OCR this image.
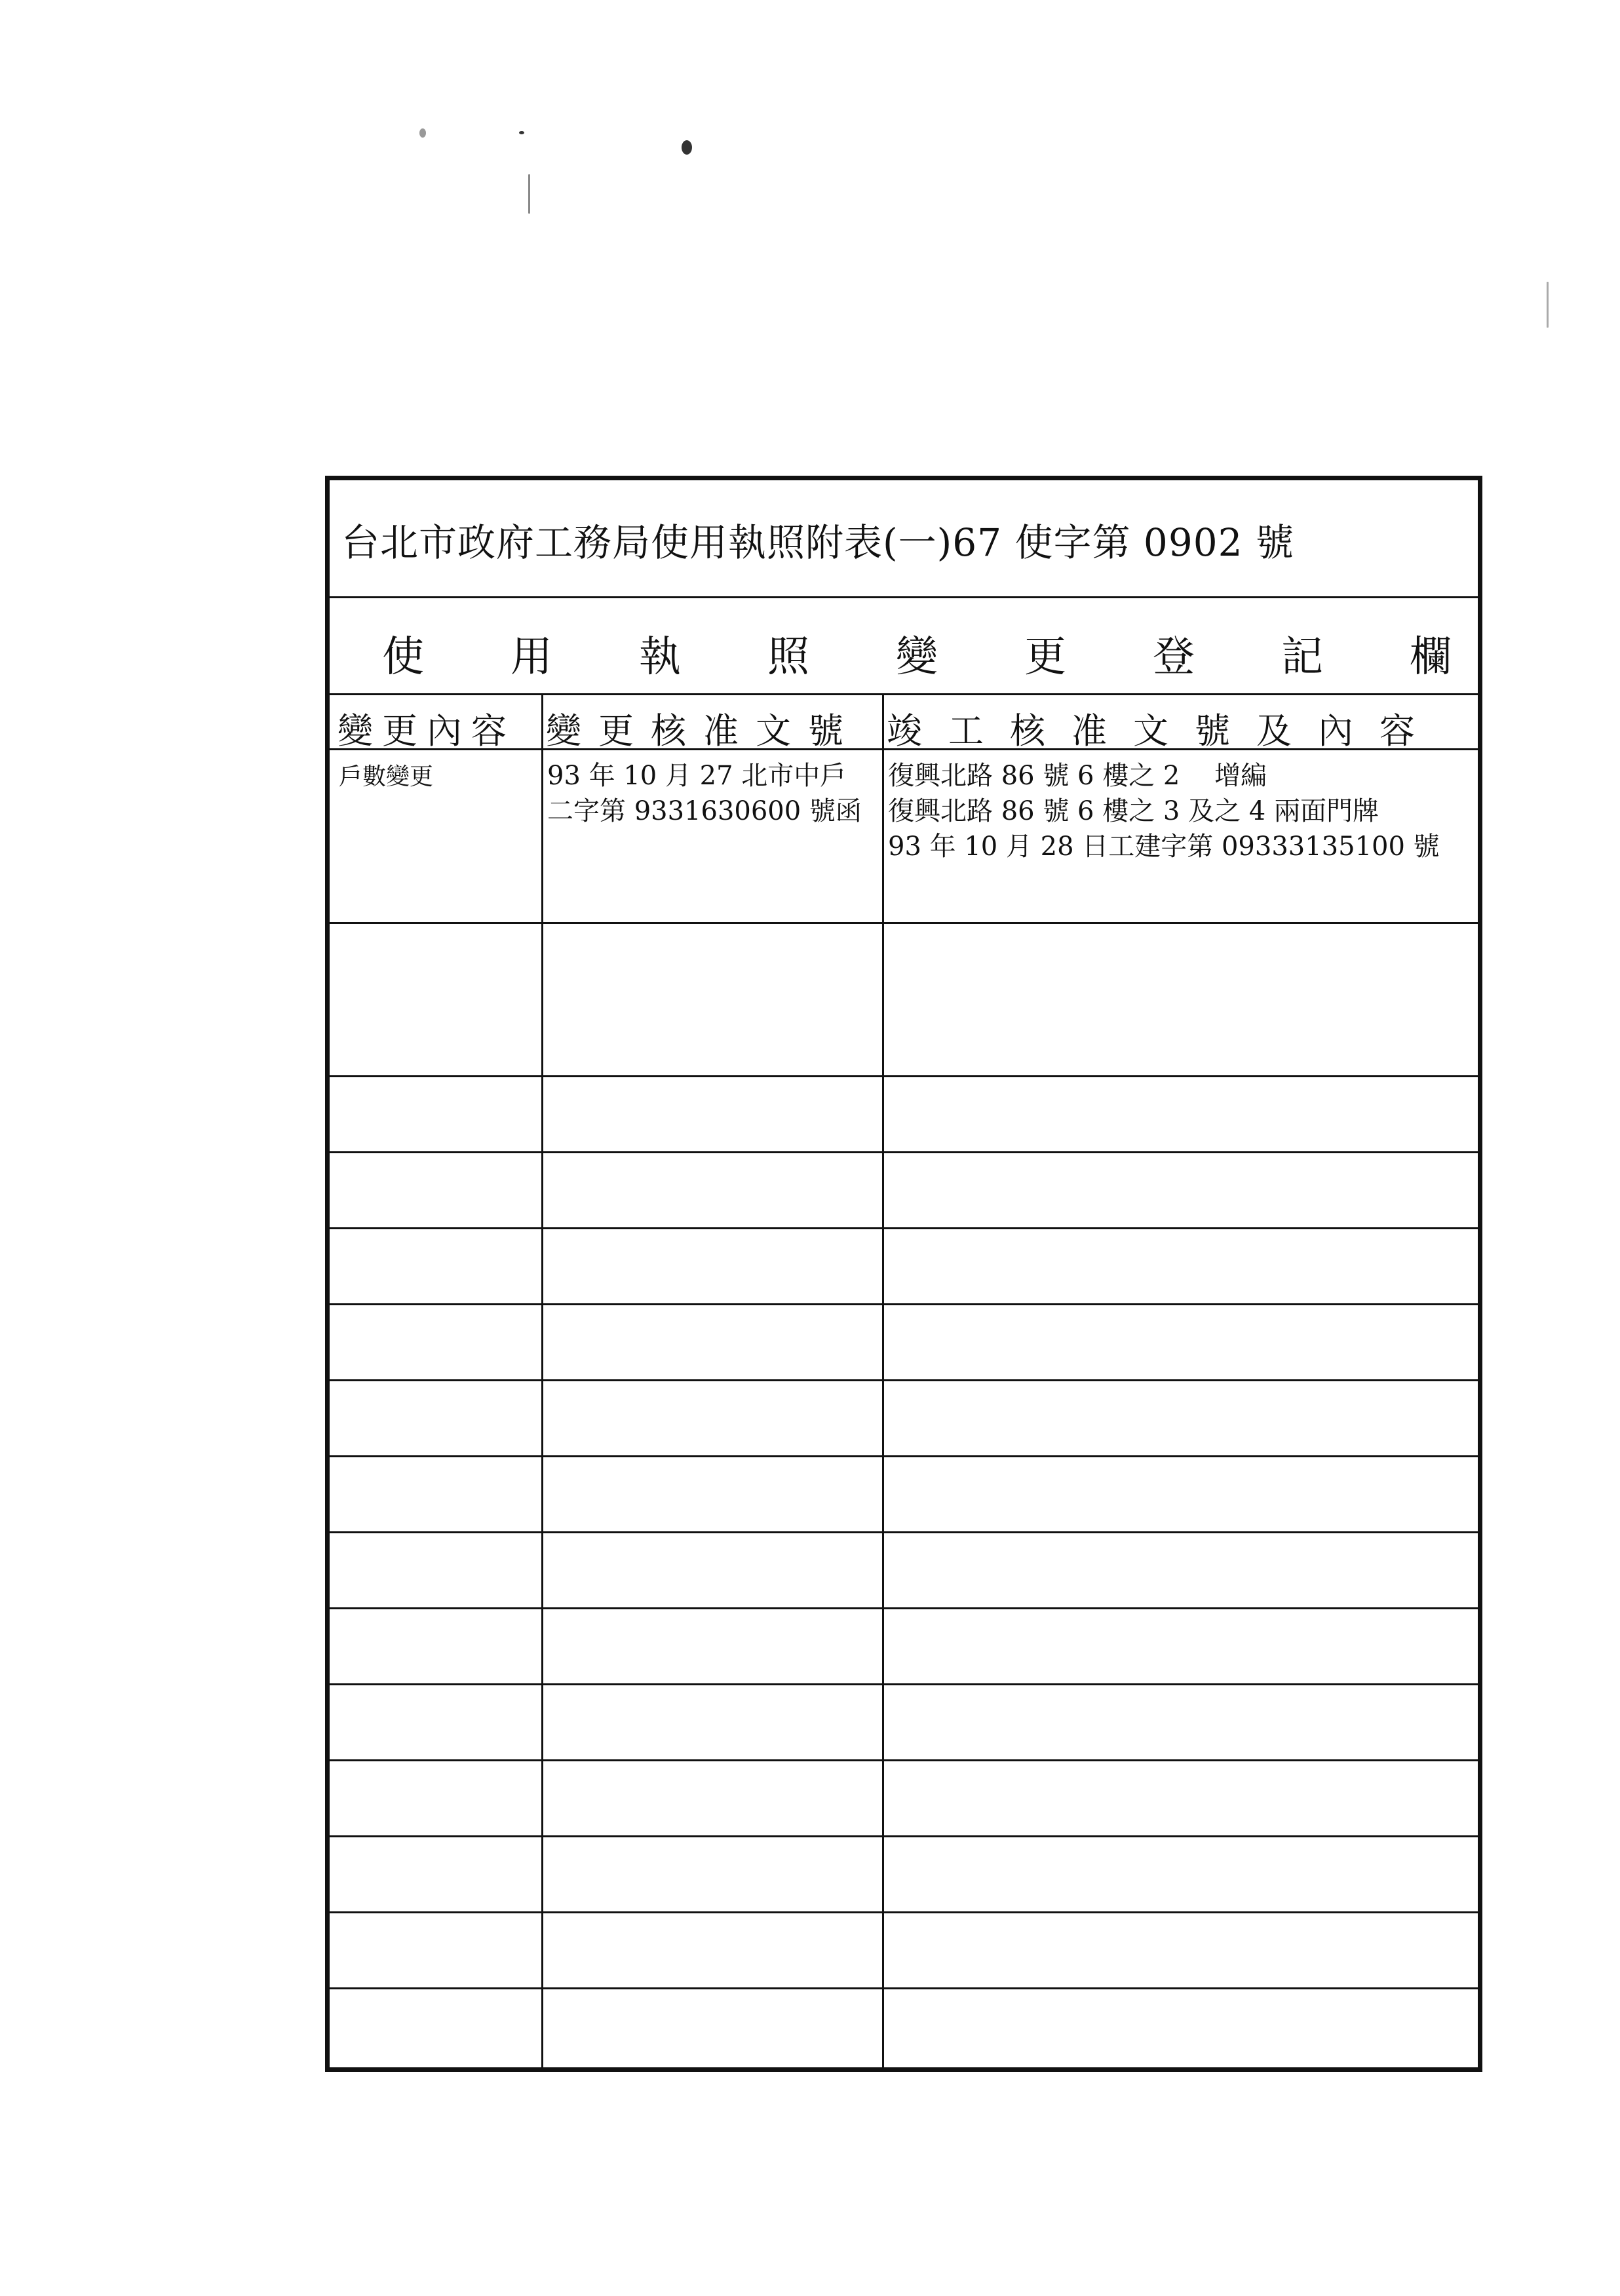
台北市政府工務局使用執照附表(一)67 使字第 0902 號
使 用 執 照 變 更 登 記 欄
變更內容 變更核准文號 竣工核准文號及內容
戶數變更	93 年 10 月 27 北市中戶
二字第 9331630600 號函
復興北路 86 號 6 樓之 2　 增編
復興北路 86 號 6 樓之 3 及之 4 兩面門牌
93 年 10 月 28 日工建字第 09333135100 號
